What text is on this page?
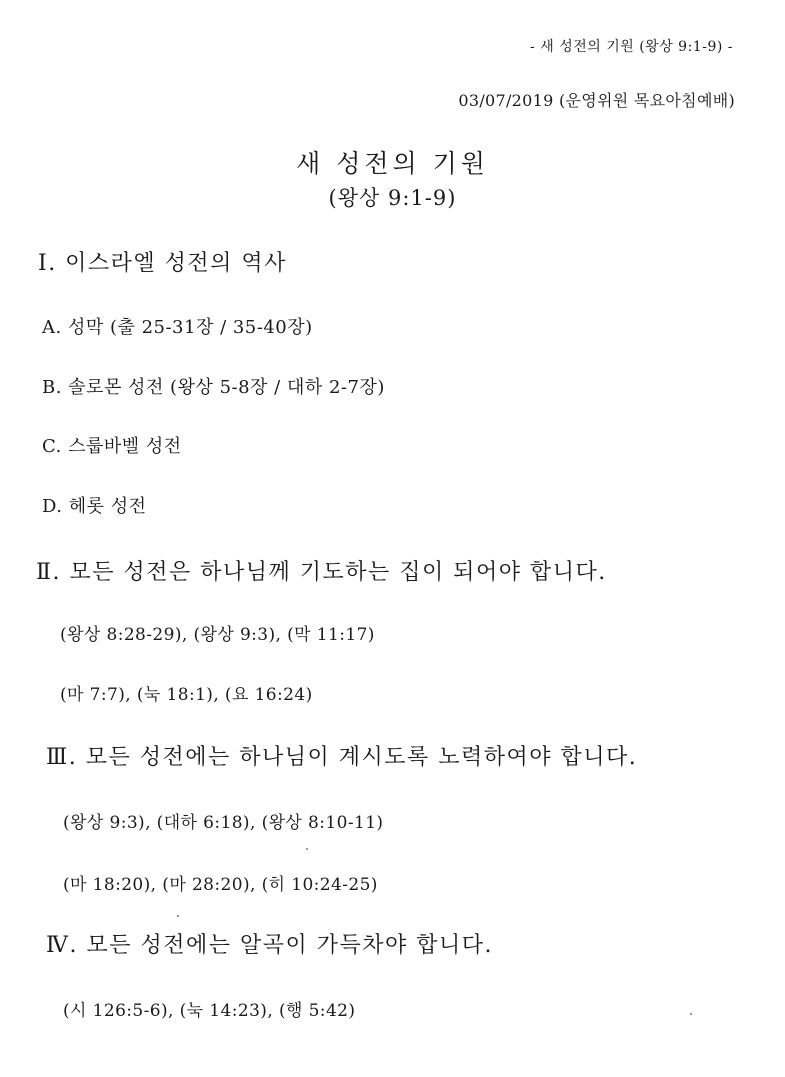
- 새 성전의 기원 (왕상 9:1-9) -
03/07/2019 (운영위원 목요아침예배)
새 성전의 기원
(왕상 9:1-9)
Ⅰ. 이스라엘 성전의 역사
A. 성막 (출 25-31장 / 35-40장)
B. 솔로몬 성전 (왕상 5-8장 / 대하 2-7장)
C. 스룹바벨 성전
D. 헤롯 성전
Ⅱ. 모든 성전은 하나님께 기도하는 집이 되어야 합니다.
(왕상 8:28-29), (왕상 9:3), (막 11:17)
(마 7:7), (눅 18:1), (요 16:24)
Ⅲ. 모든 성전에는 하나님이 계시도록 노력하여야 합니다.
(왕상 9:3), (대하 6:18), (왕상 8:10-11)
(마 18:20), (마 28:20), (히 10:24-25)
Ⅳ. 모든 성전에는 알곡이 가득차야 합니다.
(시 126:5-6), (눅 14:23), (행 5:42)
